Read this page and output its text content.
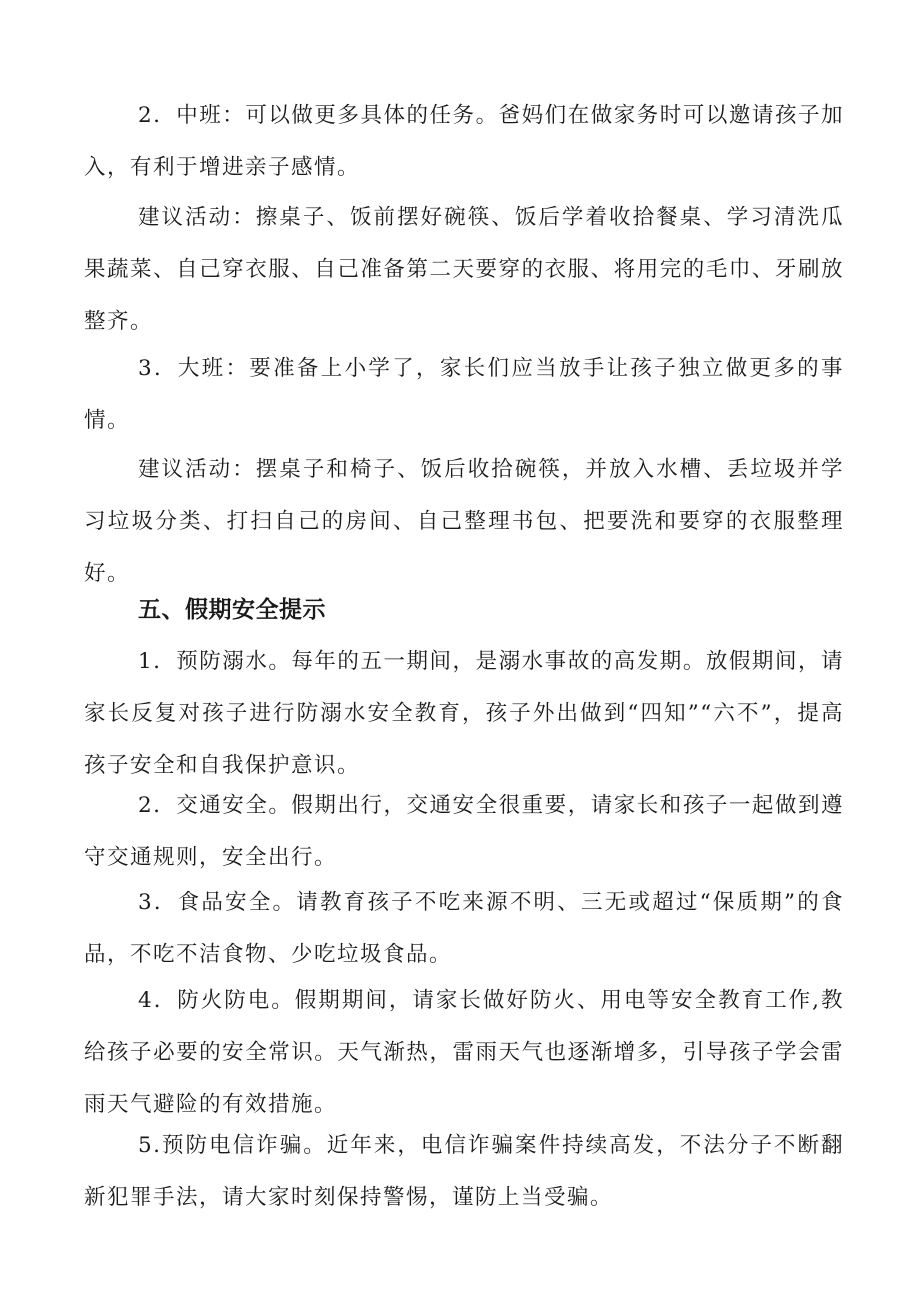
2．中班：可以做更多具体的任务。爸妈们在做家务时可以邀请孩子加入，有利于增进亲子感情。

建议活动：擦桌子、饭前摆好碗筷、饭后学着收拾餐桌、学习清洗瓜果蔬菜、自己穿衣服、自己准备第二天要穿的衣服、将用完的毛巾、牙刷放整齐。

3．大班：要准备上小学了，家长们应当放手让孩子独立做更多的事情。

建议活动：摆桌子和椅子、饭后收拾碗筷，并放入水槽、丢垃圾并学习垃圾分类、打扫自己的房间、自己整理书包、把要洗和要穿的衣服整理好。

五、假期安全提示

1．预防溺水。每年的五一期间，是溺水事故的高发期。放假期间，请家长反复对孩子进行防溺水安全教育，孩子外出做到“四知”“六不”，提高孩子安全和自我保护意识。

2．交通安全。假期出行，交通安全很重要，请家长和孩子一起做到遵守交通规则，安全出行。

3．食品安全。请教育孩子不吃来源不明、三无或超过“保质期”的食品，不吃不洁食物、少吃垃圾食品。

4．防火防电。假期期间，请家长做好防火、用电等安全教育工作,教给孩子必要的安全常识。天气渐热，雷雨天气也逐渐增多，引导孩子学会雷雨天气避险的有效措施。

5.预防电信诈骗。近年来，电信诈骗案件持续高发，不法分子不断翻新犯罪手法，请大家时刻保持警惕，谨防上当受骗。
